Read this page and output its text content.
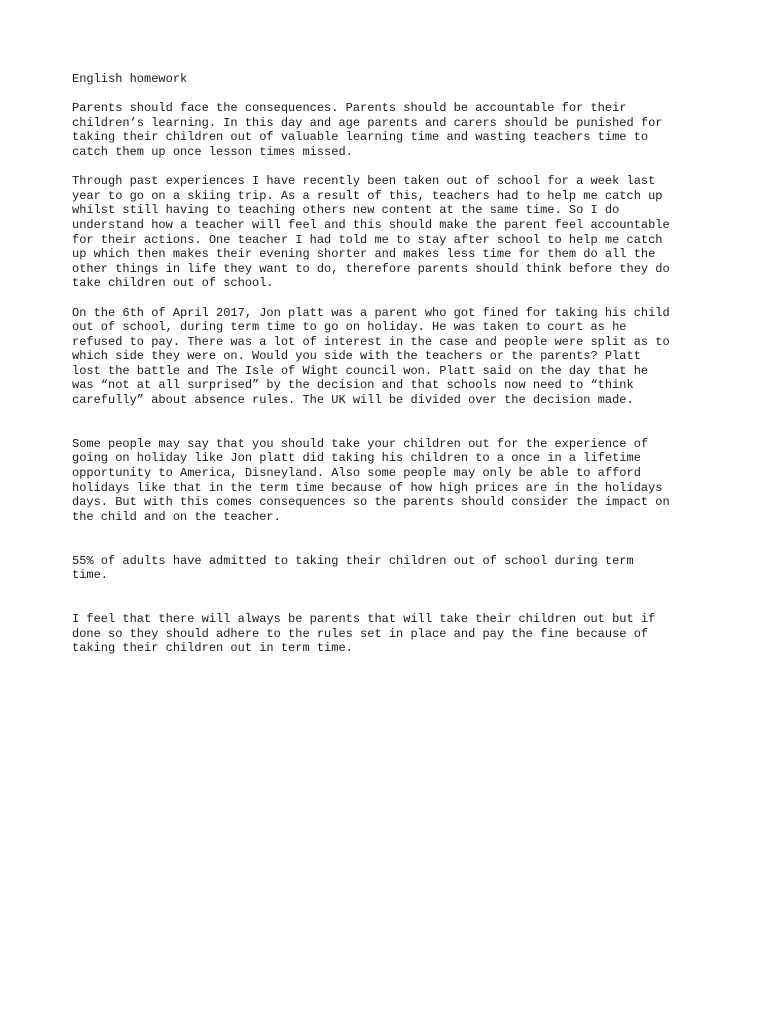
English homework

Parents should face the consequences. Parents should be accountable for their
children’s learning. In this day and age parents and carers should be punished for
taking their children out of valuable learning time and wasting teachers time to
catch them up once lesson times missed.

Through past experiences I have recently been taken out of school for a week last
year to go on a skiing trip. As a result of this, teachers had to help me catch up
whilst still having to teaching others new content at the same time. So I do
understand how a teacher will feel and this should make the parent feel accountable
for their actions. One teacher I had told me to stay after school to help me catch
up which then makes their evening shorter and makes less time for them do all the
other things in life they want to do, therefore parents should think before they do
take children out of school.

On the 6th of April 2017, Jon platt was a parent who got fined for taking his child
out of school, during term time to go on holiday. He was taken to court as he
refused to pay. There was a lot of interest in the case and people were split as to
which side they were on. Would you side with the teachers or the parents? Platt
lost the battle and The Isle of Wight council won. Platt said on the day that he
was “not at all surprised” by the decision and that schools now need to “think
carefully” about absence rules. The UK will be divided over the decision made.

Some people may say that you should take your children out for the experience of
going on holiday like Jon platt did taking his children to a once in a lifetime
opportunity to America, Disneyland. Also some people may only be able to afford
holidays like that in the term time because of how high prices are in the holidays
days. But with this comes consequences so the parents should consider the impact on
the child and on the teacher.

55% of adults have admitted to taking their children out of school during term
time.

I feel that there will always be parents that will take their children out but if
done so they should adhere to the rules set in place and pay the fine because of
taking their children out in term time.
